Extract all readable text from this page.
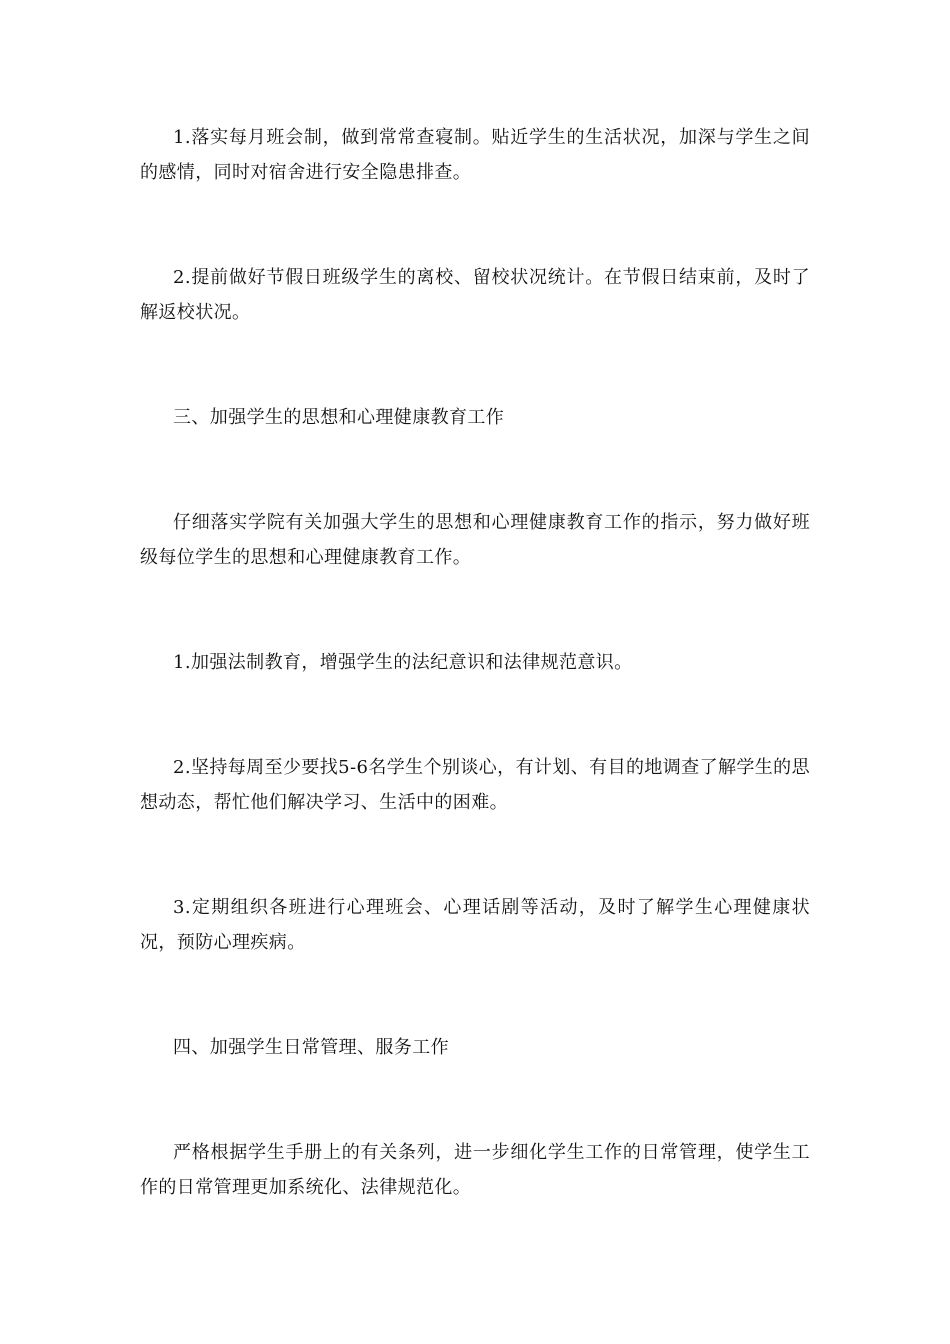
1.落实每月班会制，做到常常查寝制。贴近学生的生活状况，加深与学生之间的感情，同时对宿舍进行安全隐患排查。

2.提前做好节假日班级学生的离校、留校状况统计。在节假日结束前，及时了解返校状况。

三、加强学生的思想和心理健康教育工作

仔细落实学院有关加强大学生的思想和心理健康教育工作的指示，努力做好班级每位学生的思想和心理健康教育工作。

1.加强法制教育，增强学生的法纪意识和法律规范意识。

2.坚持每周至少要找5-6名学生个别谈心，有计划、有目的地调查了解学生的思想动态，帮忙他们解决学习、生活中的困难。

3.定期组织各班进行心理班会、心理话剧等活动，及时了解学生心理健康状况，预防心理疾病。

四、加强学生日常管理、服务工作

严格根据学生手册上的有关条列，进一步细化学生工作的日常管理，使学生工作的日常管理更加系统化、法律规范化。
